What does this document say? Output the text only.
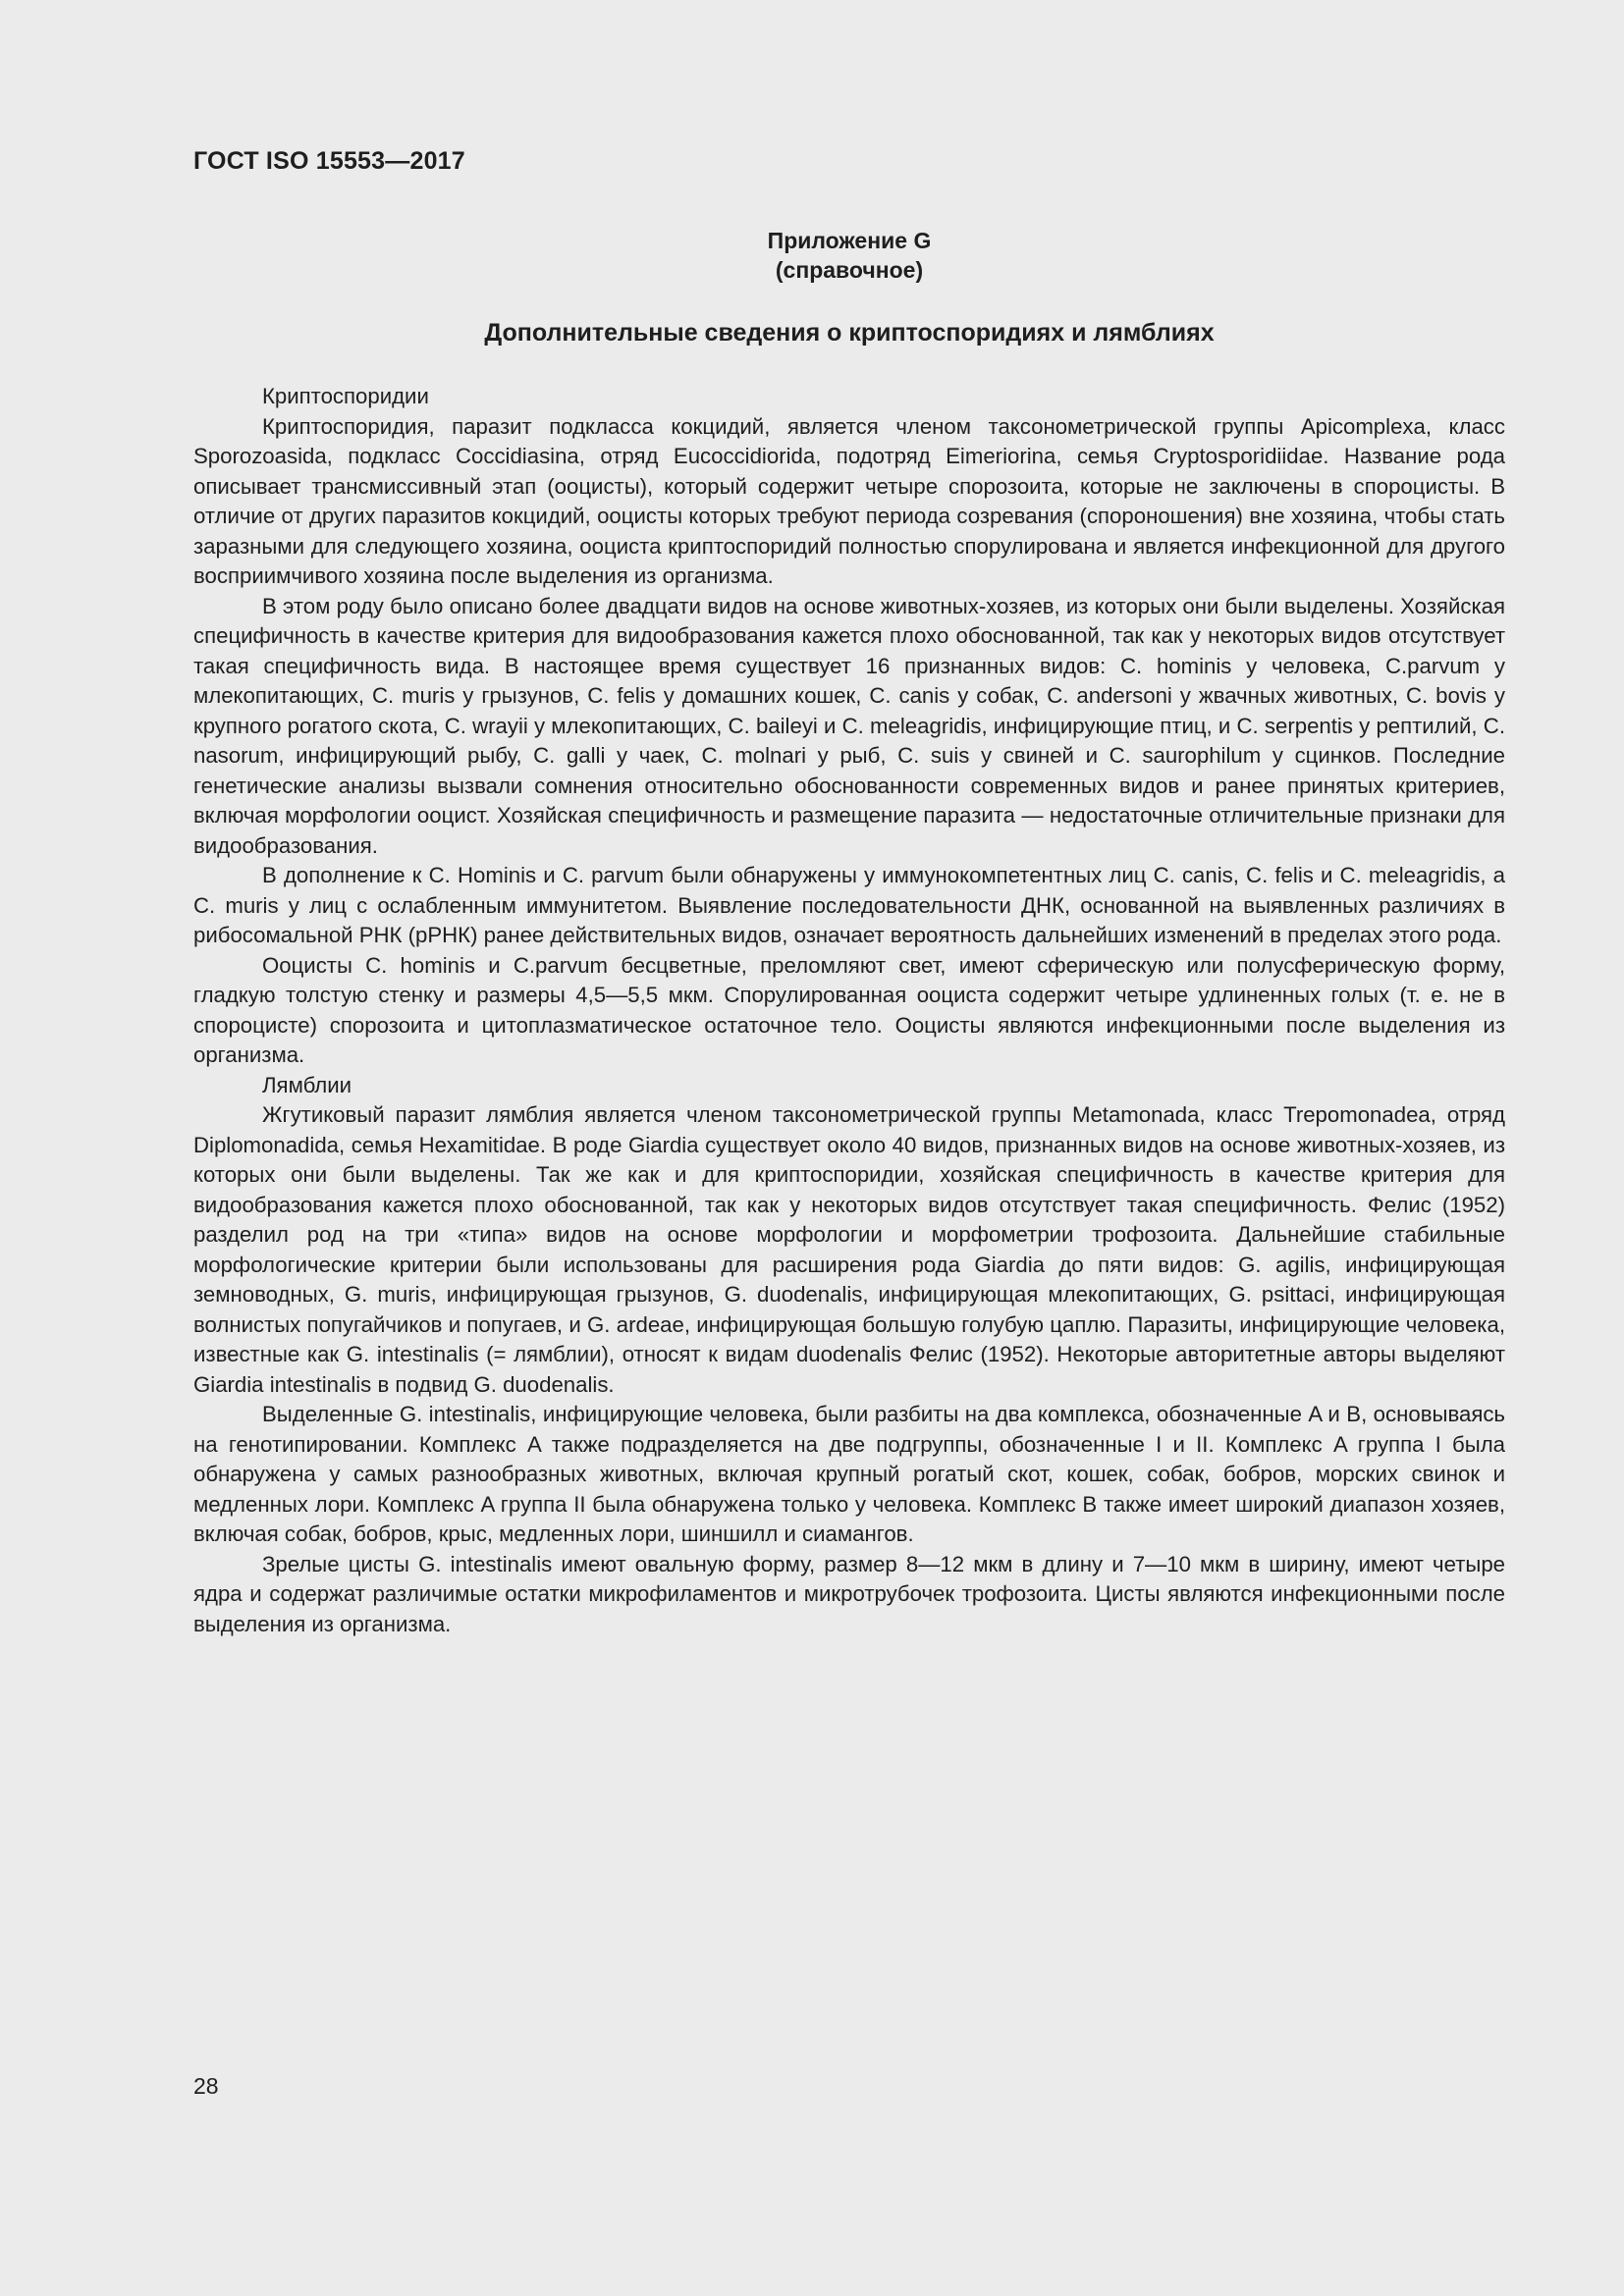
ГОСТ ISO 15553—2017
Приложение G
(справочное)
Дополнительные сведения о криптоспоридиях и лямблиях

Криптоспоридии

Криптоспоридия, паразит подкласса кокцидий, является членом таксонометрической группы Apicomplexa, класс Sporozoasida, подкласс Coccidiasina, отряд Eucoccidiorida, подотряд Eimeriorina, семья Cryptosporidiidae. Название рода описывает трансмиссивный этап (ооцисты), который содержит четыре спорозоита, которые не заключены в спороцисты. В отличие от других паразитов кокцидий, ооцисты которых требуют периода созревания (спороношения) вне хозяина, чтобы стать заразными для следующего хозяина, ооциста криптоспоридий полностью спорулирована и является инфекционной для другого восприимчивого хозяина после выделения из организма.

В этом роду было описано более двадцати видов на основе животных-хозяев, из которых они были выделены. Хозяйская специфичность в качестве критерия для видообразования кажется плохо обоснованной, так как у некоторых видов отсутствует такая специфичность вида. В настоящее время существует 16 признанных видов: C. hominis у человека, C.parvum у млекопитающих, C. muris у грызунов, C. felis у домашних кошек, C. canis у собак, C. andersoni у жвачных животных, C. bovis у крупного рогатого скота, C. wrayii у млекопитающих, C. baileyi и C. meleagridis, инфицирующие птиц, и C. serpentis у рептилий, C. nasorum, инфицирующий рыбу, C. galli у чаек, C. molnari у рыб, C. suis у свиней и C. saurophilum у сцинков. Последние генетические анализы вызвали сомнения относительно обоснованности современных видов и ранее принятых критериев, включая морфологии ооцист. Хозяйская специфичность и размещение паразита — недостаточные отличительные признаки для видообразования.

В дополнение к C. Hominis и C. parvum были обнаружены у иммунокомпетентных лиц C. canis, C. felis и C. meleagridis, а C. muris у лиц с ослабленным иммунитетом. Выявление последовательности ДНК, основанной на выявленных различиях в рибосомальной РНК (рРНК) ранее действительных видов, означает вероятность дальнейших изменений в пределах этого рода.

Ооцисты C. hominis и C.parvum бесцветные, преломляют свет, имеют сферическую или полусферическую форму, гладкую толстую стенку и размеры 4,5—5,5 мкм. Спорулированная ооциста содержит четыре удлиненных голых (т. е. не в спороцисте) спорозоита и цитоплазматическое остаточное тело. Ооцисты являются инфекционными после выделения из организма.

Лямблии

Жгутиковый паразит лямблия является членом таксонометрической группы Metamonada, класс Trepomonadea, отряд Diplomonadida, семья Hexamitidae. В роде Giardia существует около 40 видов, признанных видов на основе животных-хозяев, из которых они были выделены. Так же как и для криптоспоридии, хозяйская специфичность в качестве критерия для видообразования кажется плохо обоснованной, так как у некоторых видов отсутствует такая специфичность. Фелис (1952) разделил род на три «типа» видов на основе морфологии и морфометрии трофозоита. Дальнейшие стабильные морфологические критерии были использованы для расширения рода Giardia до пяти видов: G. agilis, инфицирующая земноводных, G. muris, инфицирующая грызунов, G. duodenalis, инфицирующая млекопитающих, G. psittaci, инфицирующая волнистых попугайчиков и попугаев, и G. ardeae, инфицирующая большую голубую цаплю. Паразиты, инфицирующие человека, известные как G. intestinalis (= лямблии), относят к видам duodenalis Фелис (1952). Некоторые авторитетные авторы выделяют Giardia intestinalis в подвид G. duodenalis.

Выделенные G. intestinalis, инфицирующие человека, были разбиты на два комплекса, обозначенные A и B, основываясь на генотипировании. Комплекс A также подразделяется на две подгруппы, обозначенные I и II. Комплекс A группа I была обнаружена у самых разнообразных животных, включая крупный рогатый скот, кошек, собак, бобров, морских свинок и медленных лори. Комплекс A группа II была обнаружена только у человека. Комплекс B также имеет широкий диапазон хозяев, включая собак, бобров, крыс, медленных лори, шиншилл и сиамангов.

Зрелые цисты G. intestinalis имеют овальную форму, размер 8—12 мкм в длину и 7—10 мкм в ширину, имеют четыре ядра и содержат различимые остатки микрофиламентов и микротрубочек трофозоита. Цисты являются инфекционными после выделения из организма.

28
